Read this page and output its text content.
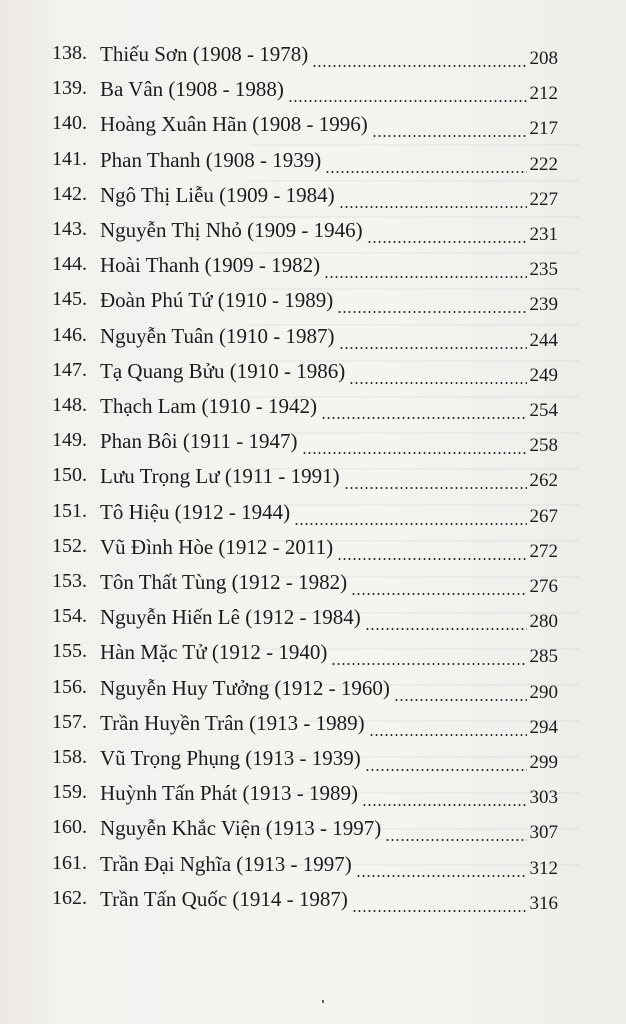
138. Thiếu Sơn (1908 - 1978)	208
139. Ba Vân (1908 - 1988)	212
140. Hoàng Xuân Hãn (1908 - 1996)	217
141. Phan Thanh (1908 - 1939)	222
142. Ngô Thị Liễu (1909 - 1984)	227
143. Nguyễn Thị Nhỏ (1909 - 1946)	231
144. Hoài Thanh (1909 - 1982)	235
145. Đoàn Phú Tứ (1910 - 1989)	239
146. Nguyễn Tuân (1910 - 1987)	244
147. Tạ Quang Bửu (1910 - 1986)	249
148. Thạch Lam (1910 - 1942)	254
149. Phan Bôi (1911 - 1947)	258
150. Lưu Trọng Lư (1911 - 1991)	262
151. Tô Hiệu (1912 - 1944)	267
152. Vũ Đình Hòe (1912 - 2011)	272
153. Tôn Thất Tùng (1912 - 1982)	276
154. Nguyễn Hiến Lê (1912 - 1984)	280
155. Hàn Mặc Tử (1912 - 1940)	285
156. Nguyễn Huy Tưởng (1912 - 1960)	290
157. Trần Huyền Trân (1913 - 1989)	294
158. Vũ Trọng Phụng (1913 - 1939)	299
159. Huỳnh Tấn Phát (1913 - 1989)	303
160. Nguyễn Khắc Viện (1913 - 1997)	307
161. Trần Đại Nghĩa (1913 - 1997)	312
162. Trần Tấn Quốc (1914 - 1987)	316
